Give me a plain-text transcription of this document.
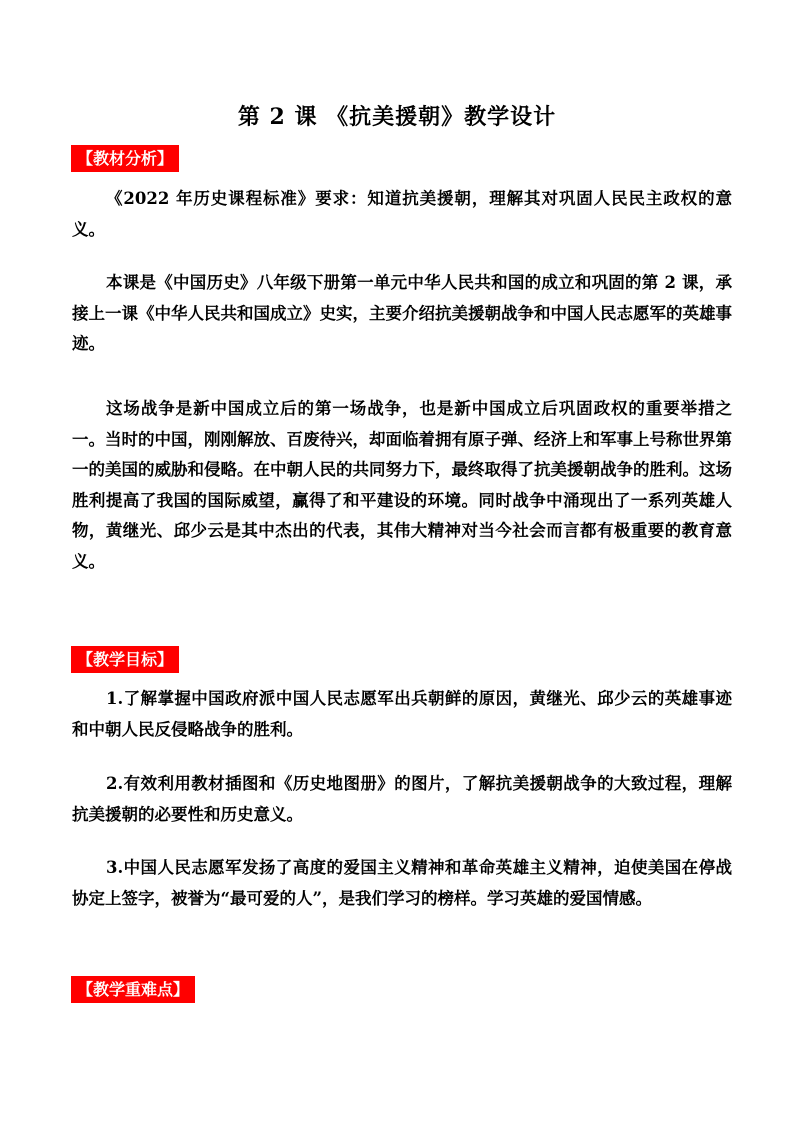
第 2 课 《抗美援朝》教学设计
【教材分析】

《2022 年历史课程标准》要求：知道抗美援朝，理解其对巩固人民民主政权的意义。

本课是《中国历史》八年级下册第一单元中华人民共和国的成立和巩固的第 2 课，承接上一课《中华人民共和国成立》史实，主要介绍抗美援朝战争和中国人民志愿军的英雄事迹。

这场战争是新中国成立后的第一场战争，也是新中国成立后巩固政权的重要举措之一。当时的中国，刚刚解放、百废待兴，却面临着拥有原子弹、经济上和军事上号称世界第一的美国的威胁和侵略。在中朝人民的共同努力下，最终取得了抗美援朝战争的胜利。这场胜利提高了我国的国际威望，赢得了和平建设的环境。同时战争中涌现出了一系列英雄人物，黄继光、邱少云是其中杰出的代表，其伟大精神对当今社会而言都有极重要的教育意义。

【教学目标】

1.了解掌握中国政府派中国人民志愿军出兵朝鲜的原因，黄继光、邱少云的英雄事迹和中朝人民反侵略战争的胜利。

2.有效利用教材插图和《历史地图册》的图片，了解抗美援朝战争的大致过程，理解抗美援朝的必要性和历史意义。

3.中国人民志愿军发扬了高度的爱国主义精神和革命英雄主义精神，迫使美国在停战协定上签字，被誉为“最可爱的人”，是我们学习的榜样。学习英雄的爱国情感。

【教学重难点】
